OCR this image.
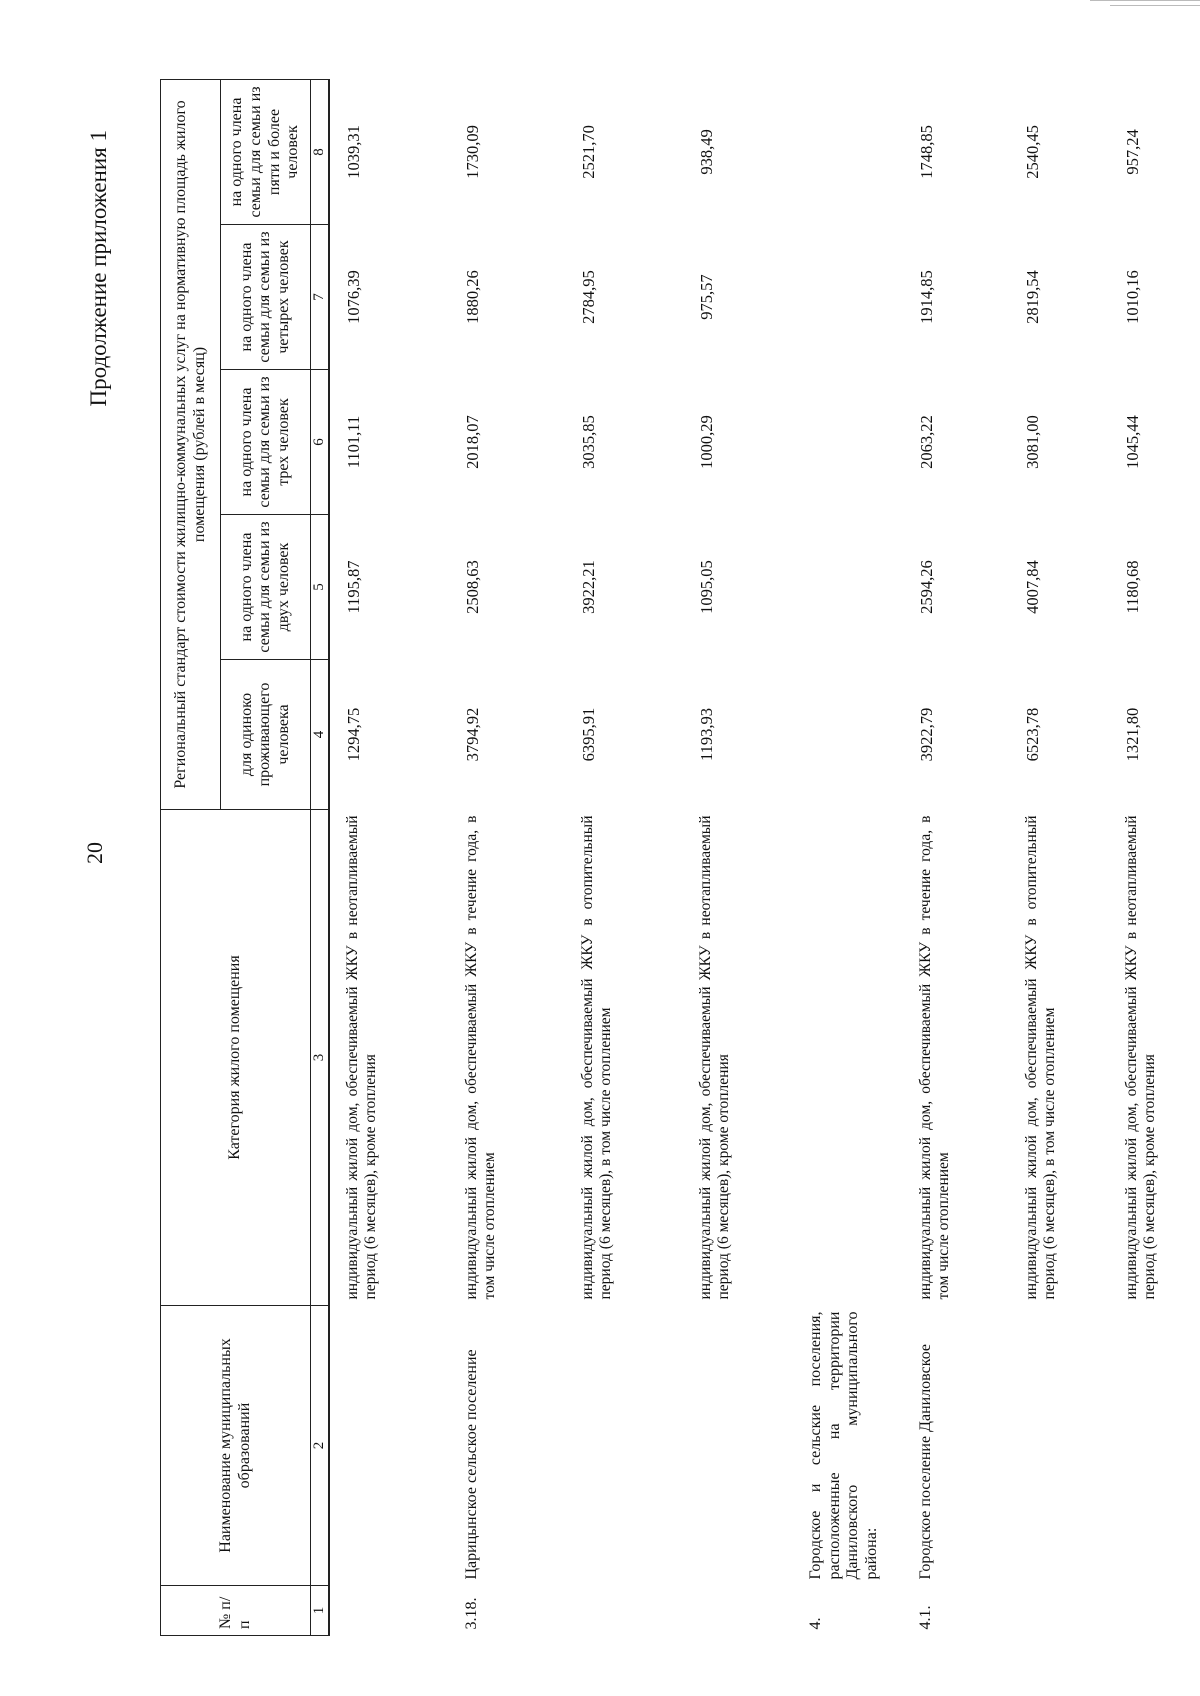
20
Продолжение приложения 1
№ п/п	Наименование муниципальных образований	Категория жилого помещения	Региональный стандарт стоимости жилищно-коммунальных услуг на нормативную площадь жилого помещения (рублей в месяц)				
			для одиноко проживающего человека	на одного члена семьи для семьи из двух человек	на одного члена семьи для семьи из трех человек	на одного члена семьи для семьи из четырех человек	на одного члена семьи для семьи из пяти и более человек
1	2	3	4	5	6	7	8
		индивидуальный жилой дом, обеспечиваемый ЖКУ в неотапливаемый период (6 месяцев), кроме отопления	1294,75	1195,87	1101,11	1076,39	1039,31
3.18.	Царицынское сельское поселение	индивидуальный жилой дом, обеспечиваемый ЖКУ в течение года, в том числе отоплением	3794,92	2508,63	2018,07	1880,26	1730,09
		индивидуальный жилой дом, обеспечиваемый ЖКУ в отопительный период (6 месяцев), в том числе отоплением	6395,91	3922,21	3035,85	2784,95	2521,70
		индивидуальный жилой дом, обеспечиваемый ЖКУ в неотапливаемый период (6 месяцев), кроме отопления	1193,93	1095,05	1000,29	975,57	938,49
4.	Городское и сельские поселения, расположенные на территории Даниловского муниципального района:						
4.1.	Городское поселение Даниловское	индивидуальный жилой дом, обеспечиваемый ЖКУ в течение года, в том числе отоплением	3922,79	2594,26	2063,22	1914,85	1748,85
		индивидуальный жилой дом, обеспечиваемый ЖКУ в отопительный период (6 месяцев), в том числе отоплением	6523,78	4007,84	3081,00	2819,54	2540,45
		индивидуальный жилой дом, обеспечиваемый ЖКУ в неотапливаемый период (6 месяцев), кроме отопления	1321,80	1180,68	1045,44	1010,16	957,24
